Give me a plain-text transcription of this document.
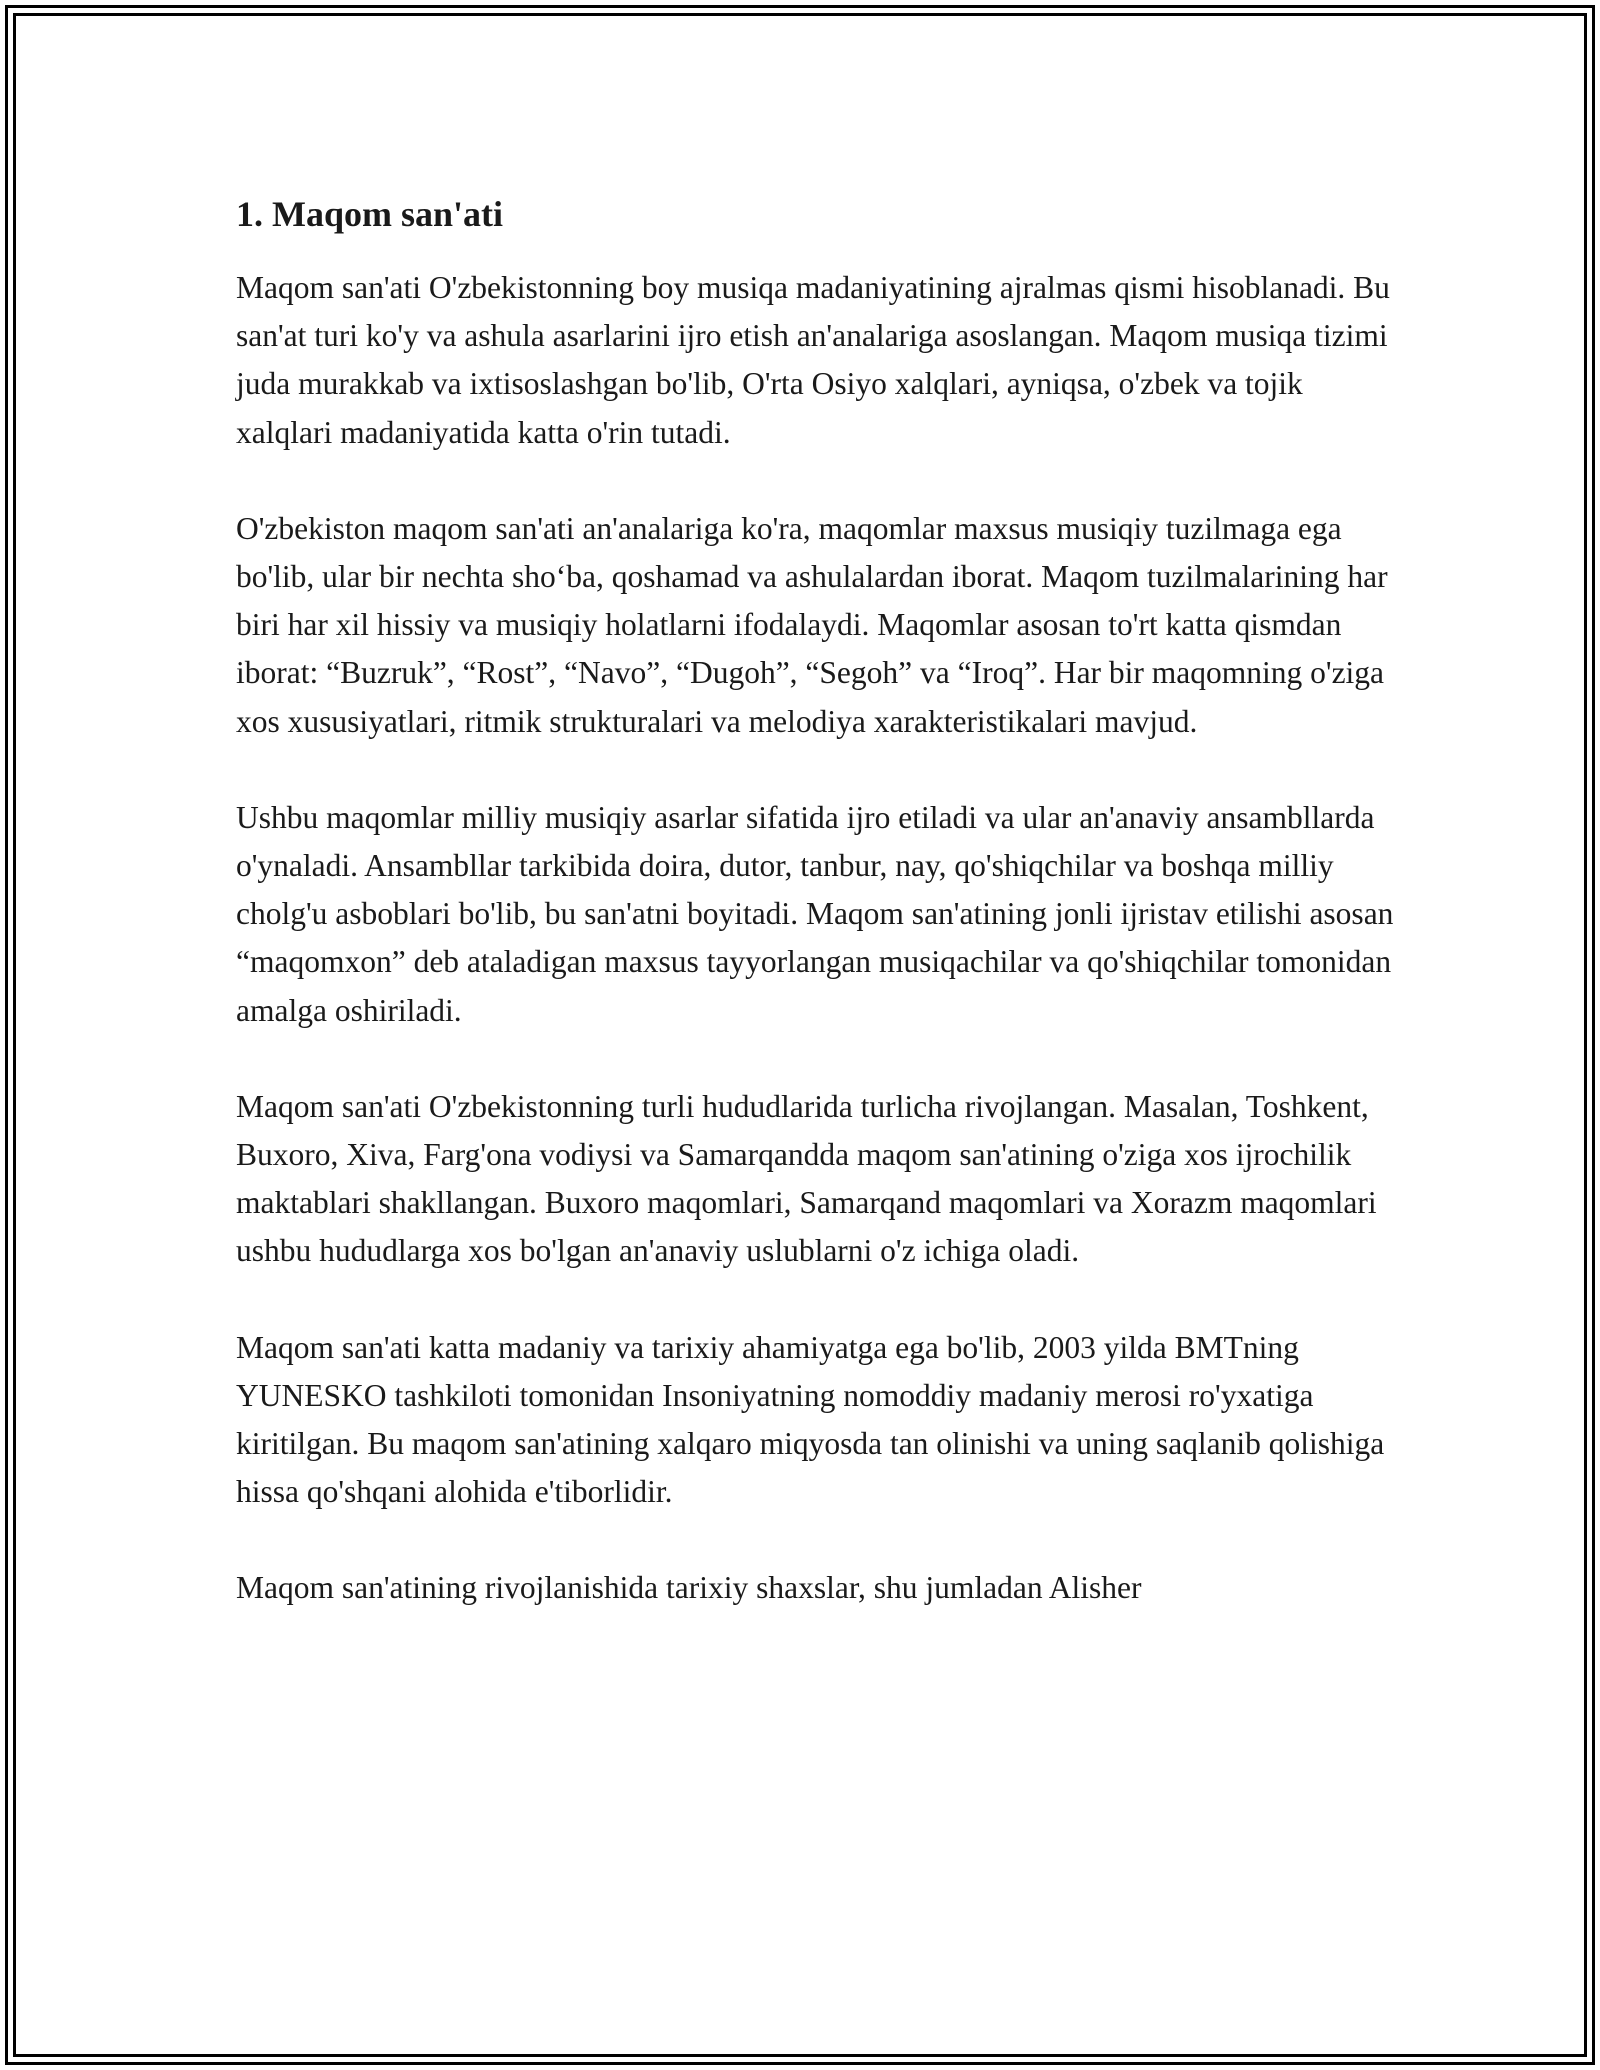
1. Maqom san'ati

Maqom san'ati O'zbekistonning boy musiqa madaniyatining ajralmas qismi hisoblanadi. Bu san'at turi ko'y va ashula asarlarini ijro etish an'analariga asoslangan. Maqom musiqa tizimi juda murakkab va ixtisoslashgan bo'lib, O'rta Osiyo xalqlari, ayniqsa, o'zbek va tojik xalqlari madaniyatida katta o'rin tutadi.

O'zbekiston maqom san'ati an'analariga ko'ra, maqomlar maxsus musiqiy tuzilmaga ega bo'lib, ular bir nechta sho‘ba, qoshamad va ashulalardan iborat. Maqom tuzilmalarining har biri har xil hissiy va musiqiy holatlarni ifodalaydi. Maqomlar asosan to'rt katta qismdan iborat: “Buzruk”, “Rost”, “Navo”, “Dugoh”, “Segoh” va “Iroq”. Har bir maqomning o'ziga xos xususiyatlari, ritmik strukturalari va melodiya xarakteristikalari mavjud.

Ushbu maqomlar milliy musiqiy asarlar sifatida ijro etiladi va ular an'anaviy ansambllarda o'ynaladi. Ansambllar tarkibida doira, dutor, tanbur, nay, qo'shiqchilar va boshqa milliy cholg'u asboblari bo'lib, bu san'atni boyitadi. Maqom san'atining jonli ijristav etilishi asosan “maqomxon” deb ataladigan maxsus tayyorlangan musiqachilar va qo'shiqchilar tomonidan amalga oshiriladi.

Maqom san'ati O'zbekistonning turli hududlarida turlicha rivojlangan. Masalan, Toshkent, Buxoro, Xiva, Farg'ona vodiysi va Samarqandda maqom san'atining o'ziga xos ijrochilik maktablari shakllangan. Buxoro maqomlari, Samarqand maqomlari va Xorazm maqomlari ushbu hududlarga xos bo'lgan an'anaviy uslublarni o'z ichiga oladi.

Maqom san'ati katta madaniy va tarixiy ahamiyatga ega bo'lib, 2003 yilda BMTning YUNESKO tashkiloti tomonidan Insoniyatning nomoddiy madaniy merosi ro'yxatiga kiritilgan. Bu maqom san'atining xalqaro miqyosda tan olinishi va uning saqlanib qolishiga hissa qo'shqani alohida e'tiborlidir.

Maqom san'atining rivojlanishida tarixiy shaxslar, shu jumladan Alisher
